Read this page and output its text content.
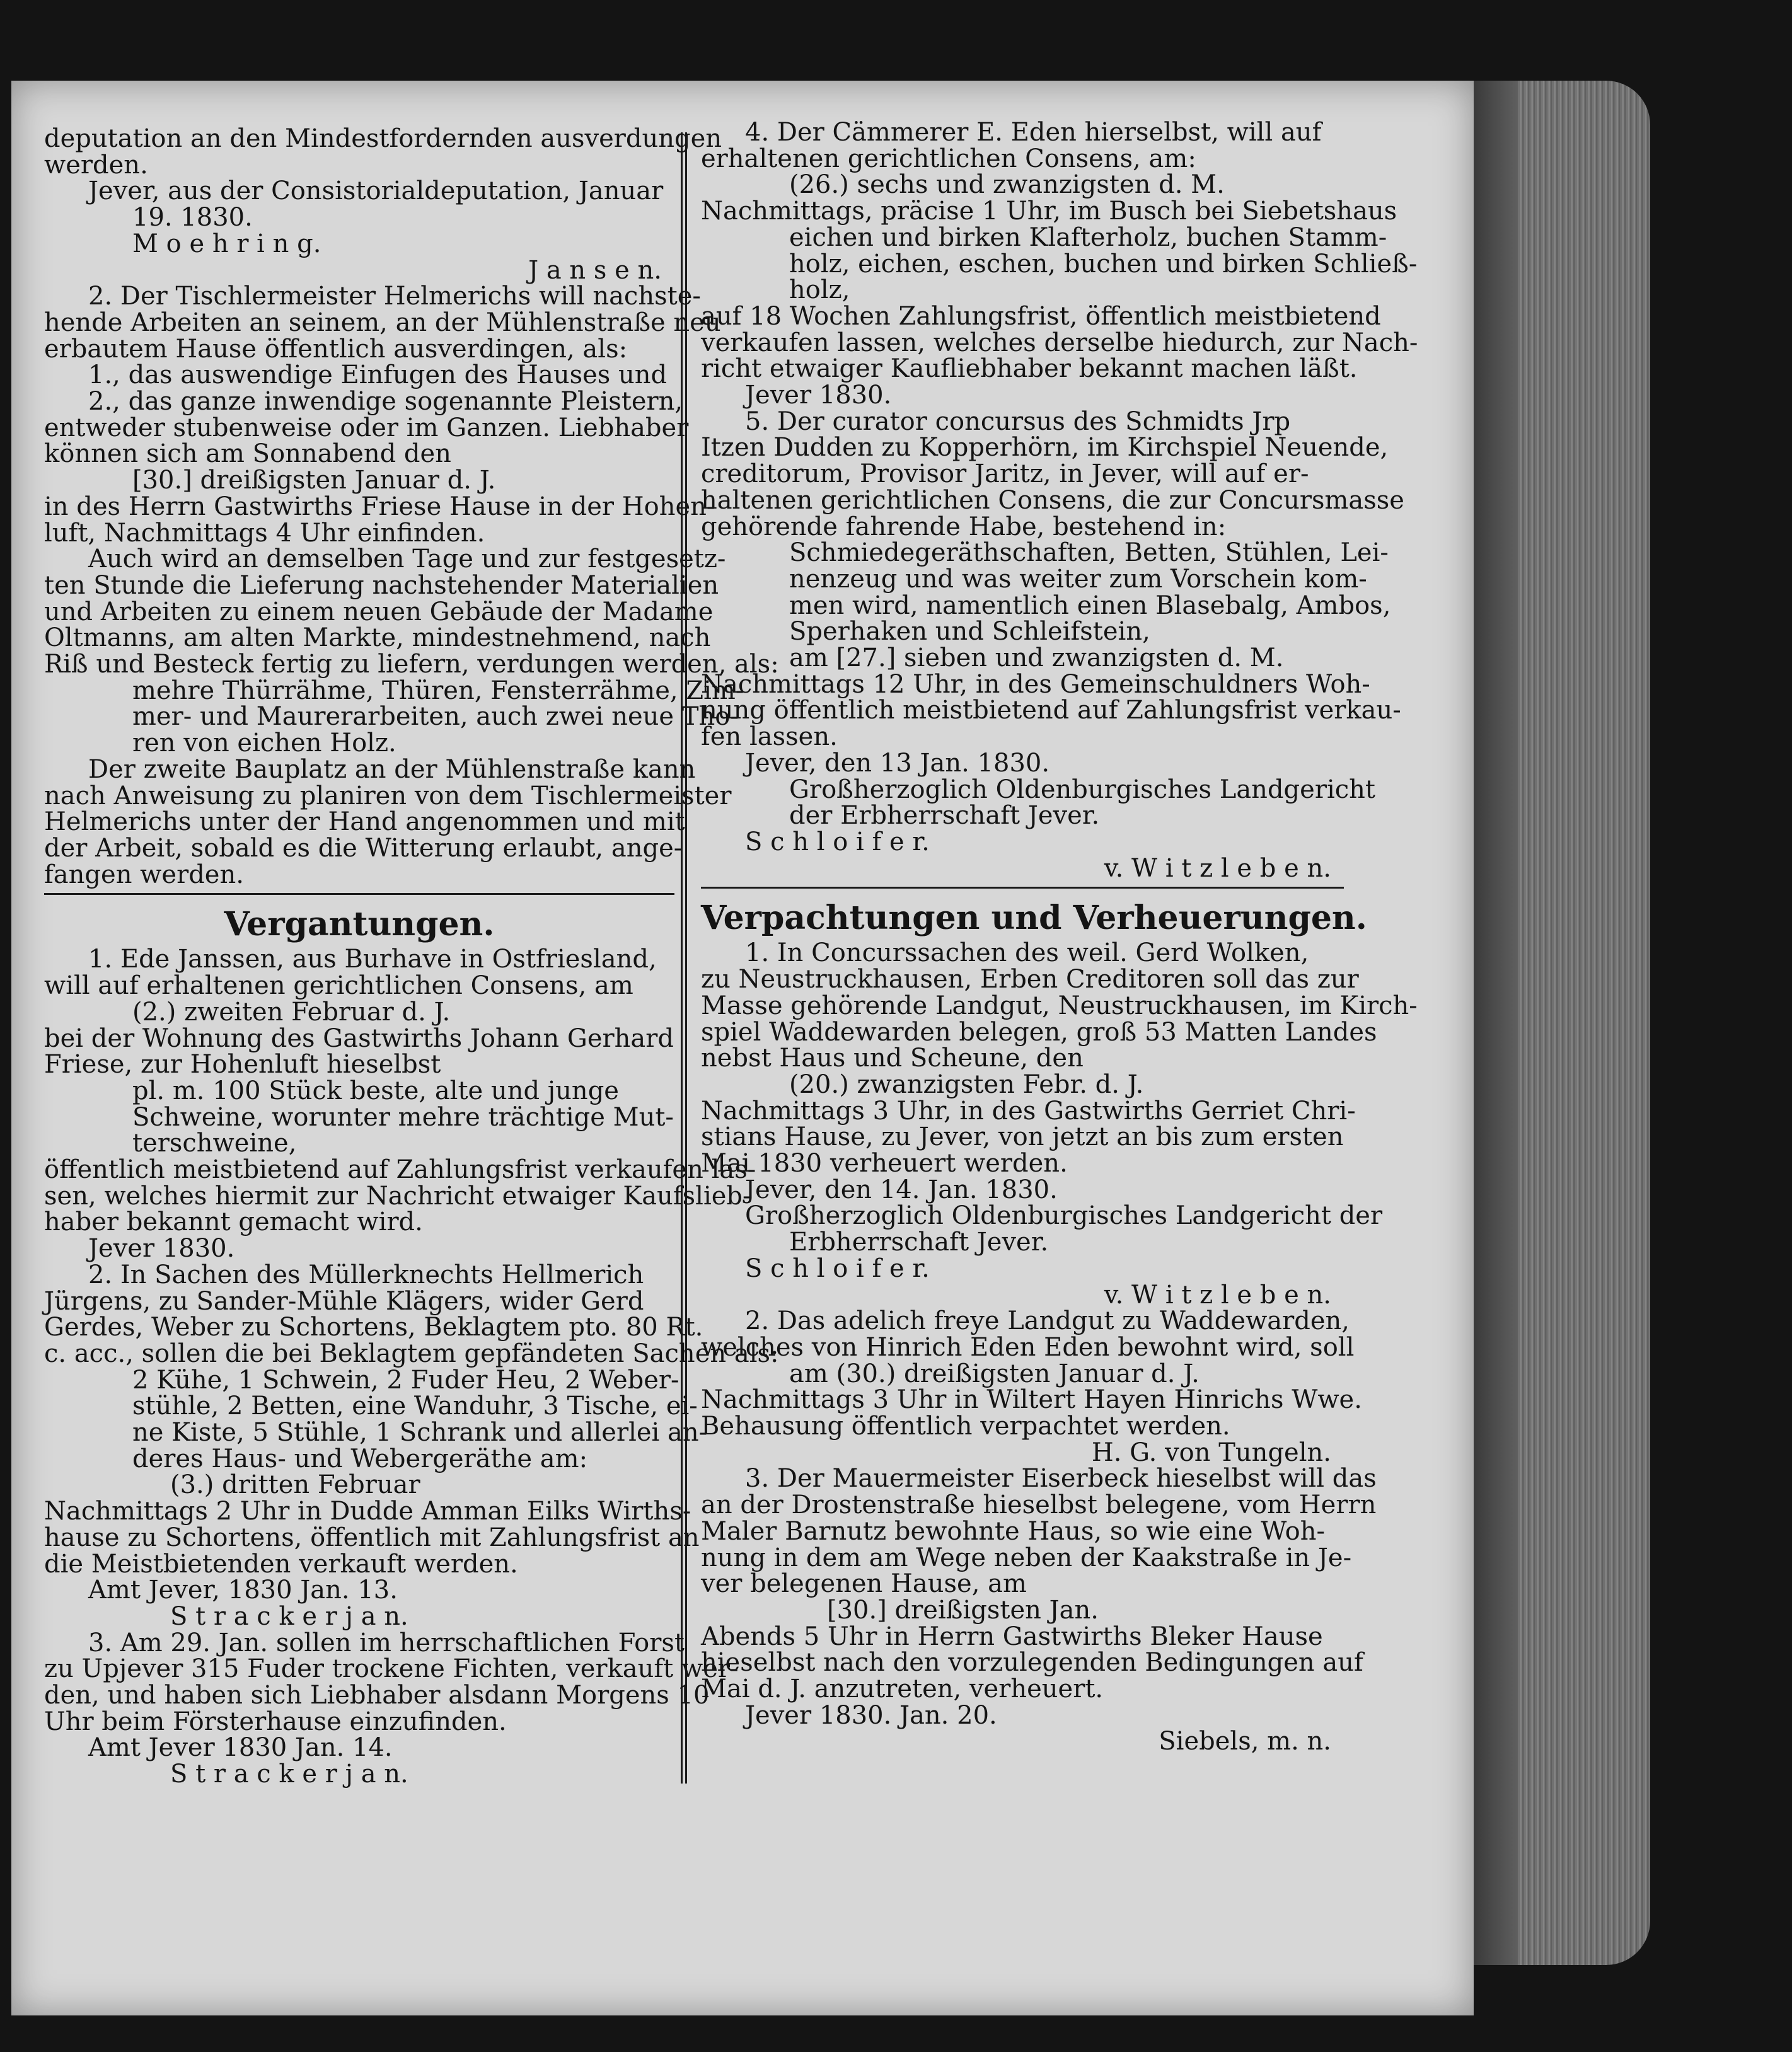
deputation an den Mindestfordernden ausverdungen

werden.

Jever, aus der Consistorialdeputation, Januar

19. 1830.

M o e h r i n g.

J a n s e n.

2. Der Tischlermeister Helmerichs will nachste-

hende Arbeiten an seinem, an der Mühlenstraße neu

erbautem Hause öffentlich ausverdingen, als:

1., das auswendige Einfugen des Hauses und

2., das ganze inwendige sogenannte Pleistern,

entweder stubenweise oder im Ganzen. Liebhaber

können sich am Sonnabend den

[30.] dreißigsten Januar d. J.

in des Herrn Gastwirths Friese Hause in der Hohen-

luft, Nachmittags 4 Uhr einfinden.

Auch wird an demselben Tage und zur festgesetz-

ten Stunde die Lieferung nachstehender Materialien

und Arbeiten zu einem neuen Gebäude der Madame

Oltmanns, am alten Markte, mindestnehmend, nach

Riß und Besteck fertig zu liefern, verdungen werden, als:

mehre Thürrähme, Thüren, Fensterrähme, Zim-

mer- und Maurerarbeiten, auch zwei neue Tho-

ren von eichen Holz.

Der zweite Bauplatz an der Mühlenstraße kann

nach Anweisung zu planiren von dem Tischlermeister

Helmerichs unter der Hand angenommen und mit

der Arbeit, sobald es die Witterung erlaubt, ange-

fangen werden.

Vergantungen.

1. Ede Janssen, aus Burhave in Ostfriesland,

will auf erhaltenen gerichtlichen Consens, am

(2.) zweiten Februar d. J.

bei der Wohnung des Gastwirths Johann Gerhard

Friese, zur Hohenluft hieselbst

pl. m. 100 Stück beste, alte und junge

Schweine, worunter mehre trächtige Mut-

terschweine,

öffentlich meistbietend auf Zahlungsfrist verkaufen las-

sen, welches hiermit zur Nachricht etwaiger Kaufslieb-

haber bekannt gemacht wird.

Jever 1830.

2. In Sachen des Müllerknechts Hellmerich

Jürgens, zu Sander-Mühle Klägers, wider Gerd

Gerdes, Weber zu Schortens, Beklagtem pto. 80 Rt.

c. acc., sollen die bei Beklagtem gepfändeten Sachen als:

2 Kühe, 1 Schwein, 2 Fuder Heu, 2 Weber-

stühle, 2 Betten, eine Wanduhr, 3 Tische, ei-

ne Kiste, 5 Stühle, 1 Schrank und allerlei an-

deres Haus- und Webergeräthe am:

(3.) dritten Februar

Nachmittags 2 Uhr in Dudde Amman Eilks Wirths-

hause zu Schortens, öffentlich mit Zahlungsfrist an

die Meistbietenden verkauft werden.

Amt Jever, 1830 Jan. 13.

S t r a c k e r j a n.

3. Am 29. Jan. sollen im herrschaftlichen Forst

zu Upjever 315 Fuder trockene Fichten, verkauft wer-

den, und haben sich Liebhaber alsdann Morgens 10

Uhr beim Försterhause einzufinden.

Amt Jever 1830 Jan. 14.

S t r a c k e r j a n.

4. Der Cämmerer E. Eden hierselbst, will auf

erhaltenen gerichtlichen Consens, am:

(26.) sechs und zwanzigsten d. M.

Nachmittags, präcise 1 Uhr, im Busch bei Siebetshaus

eichen und birken Klafterholz, buchen Stamm-

holz, eichen, eschen, buchen und birken Schließ-

holz,

auf 18 Wochen Zahlungsfrist, öffentlich meistbietend

verkaufen lassen, welches derselbe hiedurch, zur Nach-

richt etwaiger Kaufliebhaber bekannt machen läßt.

Jever 1830.

5. Der curator concursus des Schmidts Jrp

Itzen Dudden zu Kopperhörn, im Kirchspiel Neuende,

creditorum, Provisor Jaritz, in Jever, will auf er-

haltenen gerichtlichen Consens, die zur Concursmasse

gehörende fahrende Habe, bestehend in:

Schmiedegeräthschaften, Betten, Stühlen, Lei-

nenzeug und was weiter zum Vorschein kom-

men wird, namentlich einen Blasebalg, Ambos,

Sperhaken und Schleifstein,

am [27.] sieben und zwanzigsten d. M.

Nachmittags 12 Uhr, in des Gemeinschuldners Woh-

nung öffentlich meistbietend auf Zahlungsfrist verkau-

fen lassen.

Jever, den 13 Jan. 1830.

Großherzoglich Oldenburgisches Landgericht

der Erbherrschaft Jever.

S c h l o i f e r.

v. W i t z l e b e n.

Verpachtungen und Verheuerungen.

1. In Concurssachen des weil. Gerd Wolken,

zu Neustruckhausen, Erben Creditoren soll das zur

Masse gehörende Landgut, Neustruckhausen, im Kirch-

spiel Waddewarden belegen, groß 53 Matten Landes

nebst Haus und Scheune, den

(20.) zwanzigsten Febr. d. J.

Nachmittags 3 Uhr, in des Gastwirths Gerriet Chri-

stians Hause, zu Jever, von jetzt an bis zum ersten

Mai 1830 verheuert werden.

Jever, den 14. Jan. 1830.

Großherzoglich Oldenburgisches Landgericht der

Erbherrschaft Jever.

S c h l o i f e r.

v. W i t z l e b e n.

2. Das adelich freye Landgut zu Waddewarden,

welches von Hinrich Eden Eden bewohnt wird, soll

am (30.) dreißigsten Januar d. J.

Nachmittags 3 Uhr in Wiltert Hayen Hinrichs Wwe.

Behausung öffentlich verpachtet werden.

H. G. von Tungeln.

3. Der Mauermeister Eiserbeck hieselbst will das

an der Drostenstraße hieselbst belegene, vom Herrn

Maler Barnutz bewohnte Haus, so wie eine Woh-

nung in dem am Wege neben der Kaakstraße in Je-

ver belegenen Hause, am

[30.] dreißigsten Jan.

Abends 5 Uhr in Herrn Gastwirths Bleker Hause

hieselbst nach den vorzulegenden Bedingungen auf

Mai d. J. anzutreten, verheuert.

Jever 1830. Jan. 20.

Siebels, m. n.
